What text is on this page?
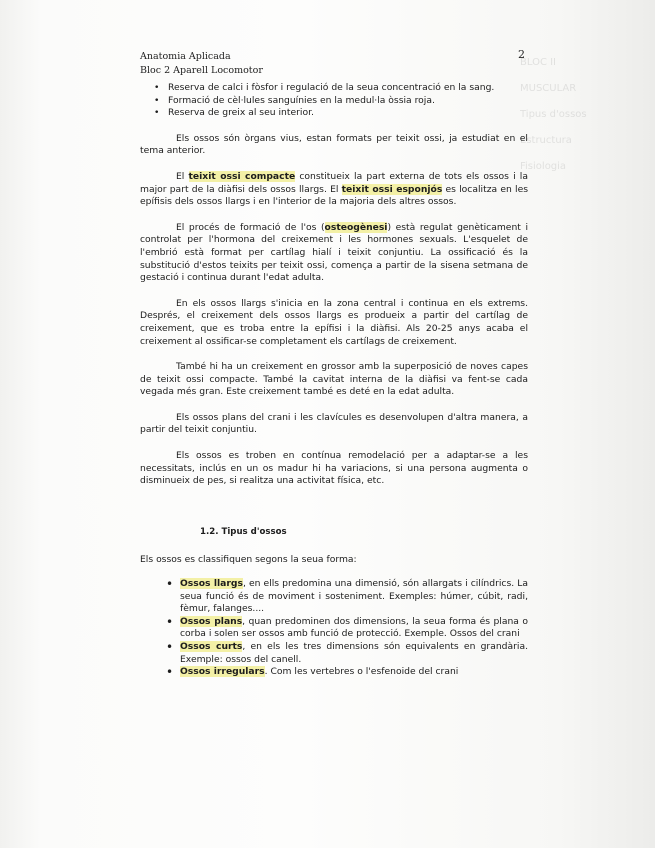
BLOC II
MUSCULAR
Tipus d'ossos
Estructura
Fisiologia
Anatomia Aplicada
Bloc 2 Aparell Locomotor
2
• Reserva de calci i fòsfor i regulació de la seua concentració en la sang.
• Formació de cèl·lules sanguínies en la medul·la òssia roja.
• Reserva de greix al seu interior.

Els ossos són òrgans vius, estan formats per teixit ossi, ja estudiat en el tema anterior.

El teixit ossi compacte constitueix la part externa de tots els ossos i la major part de la diàfisi dels ossos llargs. El teixit ossi esponjós es localitza en les epífisis dels ossos llargs i en l'interior de la majoria dels altres ossos.

El procés de formació de l'os (osteogènesi) està regulat genèticament i controlat per l'hormona del creixement i les hormones sexuals. L'esquelet de l'embrió està format per cartílag hialí i teixit conjuntiu. La ossificació és la substitució d'estos teixits per teixit ossi, comença a partir de la sisena setmana de gestació i continua durant l'edat adulta.

En els ossos llargs s'inicia en la zona central i continua en els extrems. Després, el creixement dels ossos llargs es produeix a partir del cartílag de creixement, que es troba entre la epífisi i la diàfisi. Als 20-25 anys acaba el creixement al ossificar-se completament els cartílags de creixement.

També hi ha un creixement en grossor amb la superposició de noves capes de teixit ossi compacte. També la cavitat interna de la diàfisi va fent-se cada vegada més gran. Este creixement també es deté en la edat adulta.

Els ossos plans del crani i les clavícules es desenvolupen d'altra manera, a partir del teixit conjuntiu.

Els ossos es troben en contínua remodelació per a adaptar-se a les necessitats, inclús en un os madur hi ha variacions, si una persona augmenta o disminueix de pes, si realitza una activitat física, etc.

1.2. Tipus d'ossos

Els ossos es classifiquen segons la seua forma:

• Ossos llargs, en ells predomina una dimensió, són allargats i cilíndrics. La seua funció és de moviment i sosteniment. Exemples: húmer, cúbit, radi, fèmur, falanges....
• Ossos plans, quan predominen dos dimensions, la seua forma és plana o corba i solen ser ossos amb funció de protecció. Exemple. Ossos del crani
• Ossos curts, en els les tres dimensions són equivalents en grandària. Exemple: ossos del canell.
• Ossos irregulars. Com les vertebres o l'esfenoide del crani
